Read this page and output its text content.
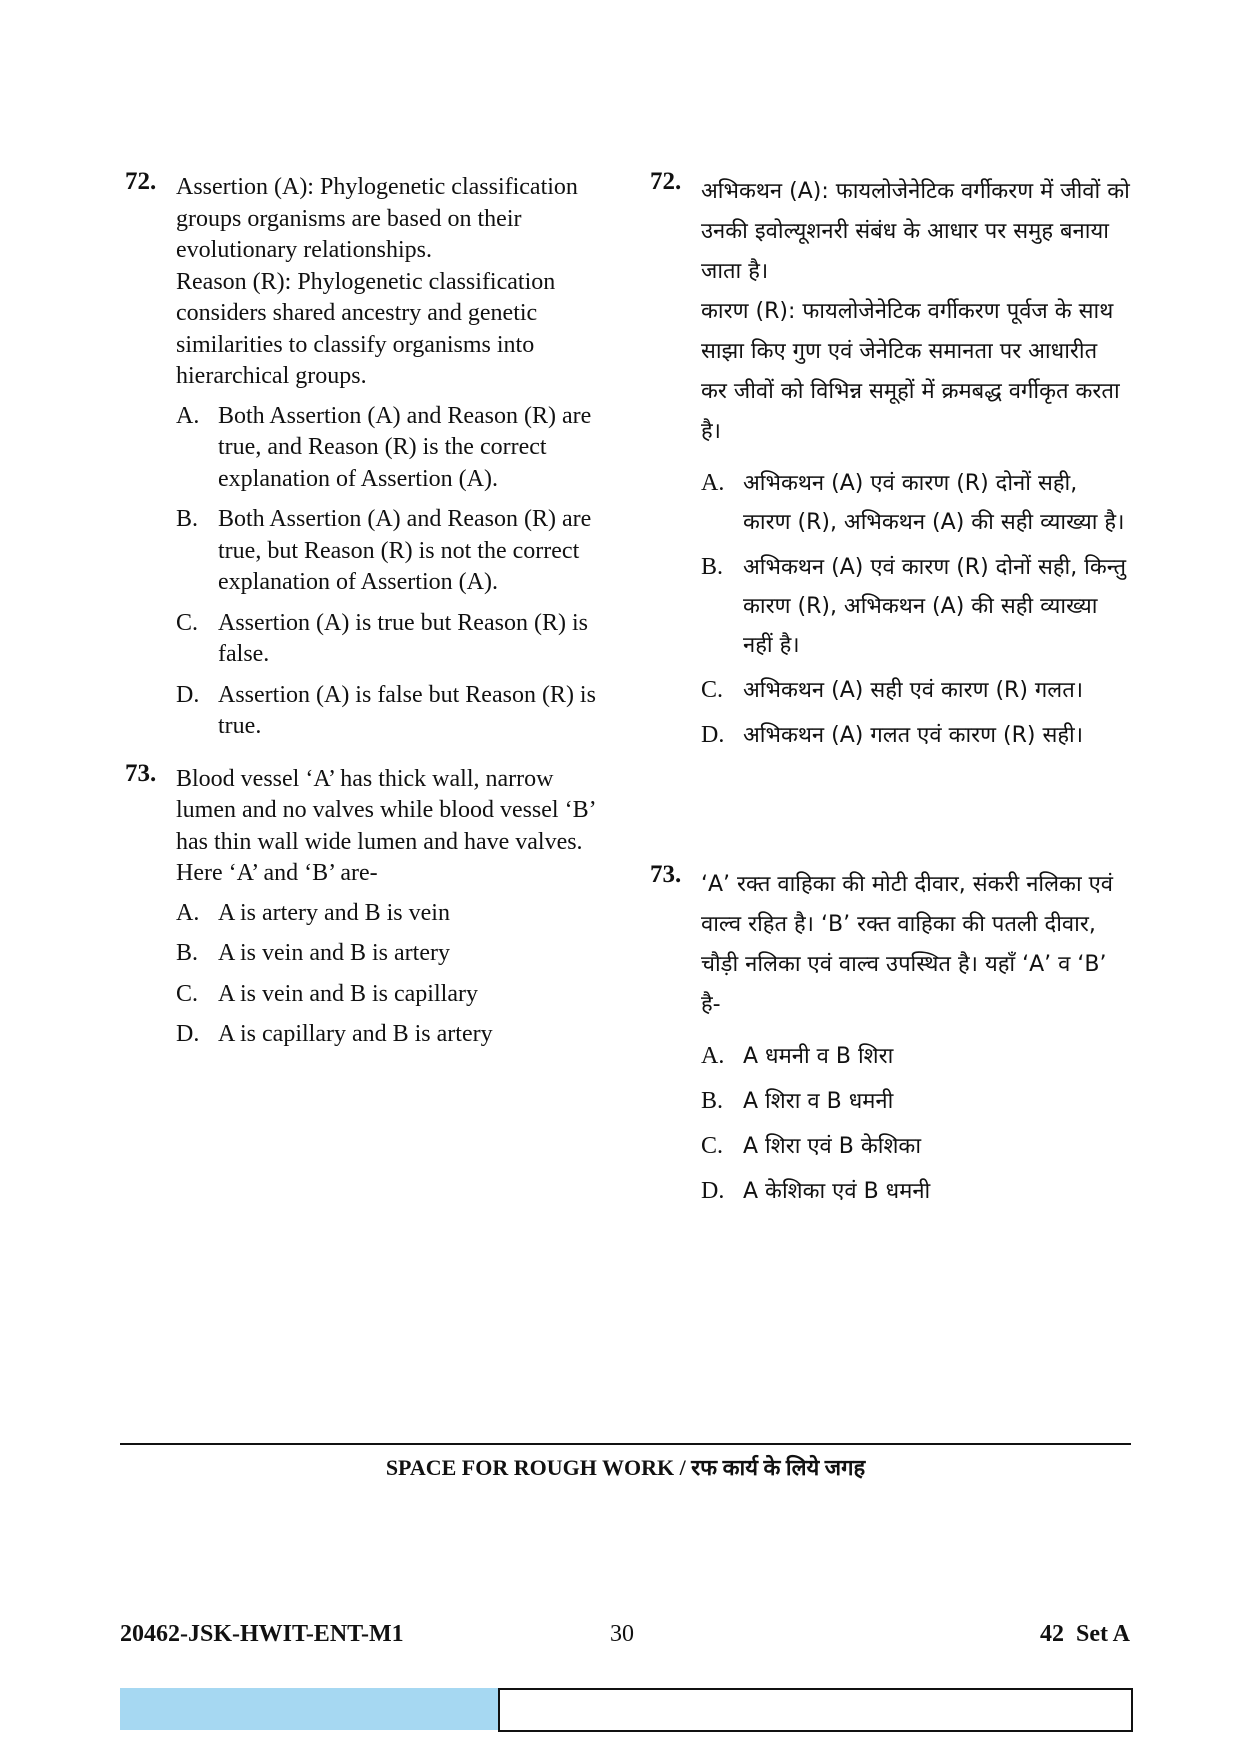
72. Assertion (A): Phylogenetic classification groups organisms are based on their evolutionary relationships.

Reason (R): Phylogenetic classification considers shared ancestry and genetic similarities to classify organisms into hierarchical groups.

A. Both Assertion (A) and Reason (R) are true, and Reason (R) is the correct explanation of Assertion (A).
B. Both Assertion (A) and Reason (R) are true, but Reason (R) is not the correct explanation of Assertion (A).
C. Assertion (A) is true but Reason (R) is false.
D. Assertion (A) is false but Reason (R) is true.
73. Blood vessel ‘A’ has thick wall, narrow lumen and no valves while blood vessel ‘B’ has thin wall wide lumen and have valves. Here ‘A’ and ‘B’ are-

A. A is artery and B is vein
B. A is vein and B is artery
C. A is vein and B is capillary
D. A is capillary and B is artery
72. अभिकथन (A): फायलोजेनेटिक वर्गीकरण में जीवों को उनकी इवोल्यूशनरी संबंध के आधार पर समुह बनाया जाता है।

कारण (R): फायलोजेनेटिक वर्गीकरण पूर्वज के साथ साझा किए गुण एवं जेनेटिक समानता पर आधारीत कर जीवों को विभिन्न समूहों में क्रमबद्ध वर्गीकृत करता है।

A. अभिकथन (A) एवं कारण (R) दोनों सही, कारण (R), अभिकथन (A) की सही व्याख्या है।
B. अभिकथन (A) एवं कारण (R) दोनों सही, किन्तु कारण (R), अभिकथन (A) की सही व्याख्या नहीं है।
C. अभिकथन (A) सही एवं कारण (R) गलत।
D. अभिकथन (A) गलत एवं कारण (R) सही।
73. ‘A’ रक्त वाहिका की मोटी दीवार, संकरी नलिका एवं वाल्व रहित है। ‘B’ रक्त वाहिका की पतली दीवार, चौड़ी नलिका एवं वाल्व उपस्थित है। यहाँ ‘A’ व ‘B’ है-

A. A धमनी व B शिरा
B. A शिरा व B धमनी
C. A शिरा एवं B केशिका
D. A केशिका एवं B धमनी
SPACE FOR ROUGH WORK / रफ कार्य के लिये जगह
20462-JSK-HWIT-ENT-M1	30	42  Set A
